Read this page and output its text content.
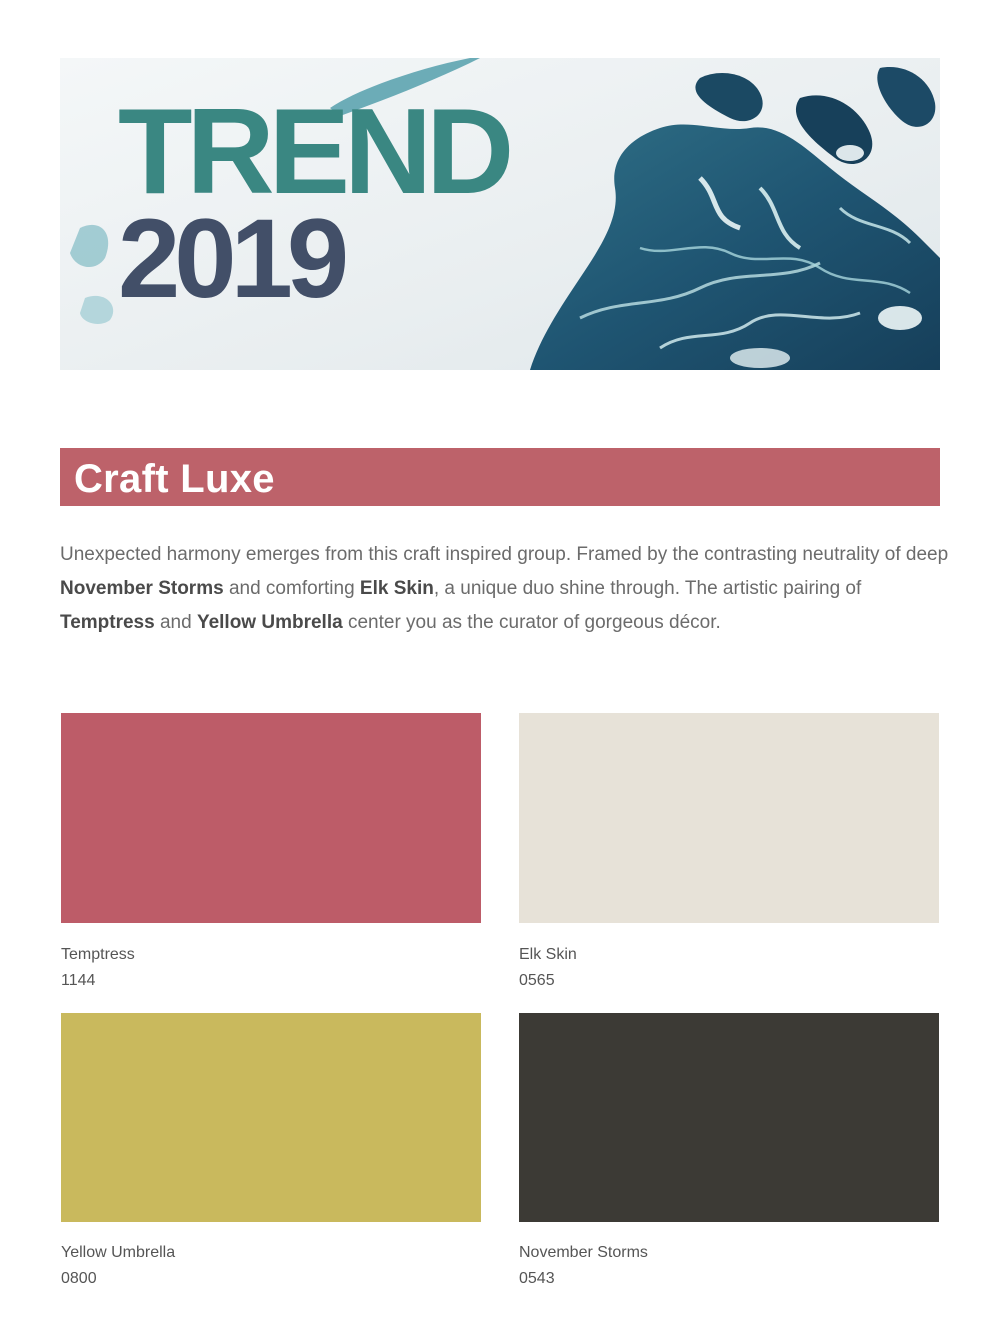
TREND
2019
Craft Luxe
Unexpected harmony emerges from this craft inspired group. Framed by the contrasting neutrality of deep November Storms and comforting Elk Skin, a unique duo shine through. The artistic pairing of Temptress and Yellow Umbrella center you as the curator of gorgeous décor.
Temptress
1144
Elk Skin
0565
Yellow Umbrella
0800
November Storms
0543
